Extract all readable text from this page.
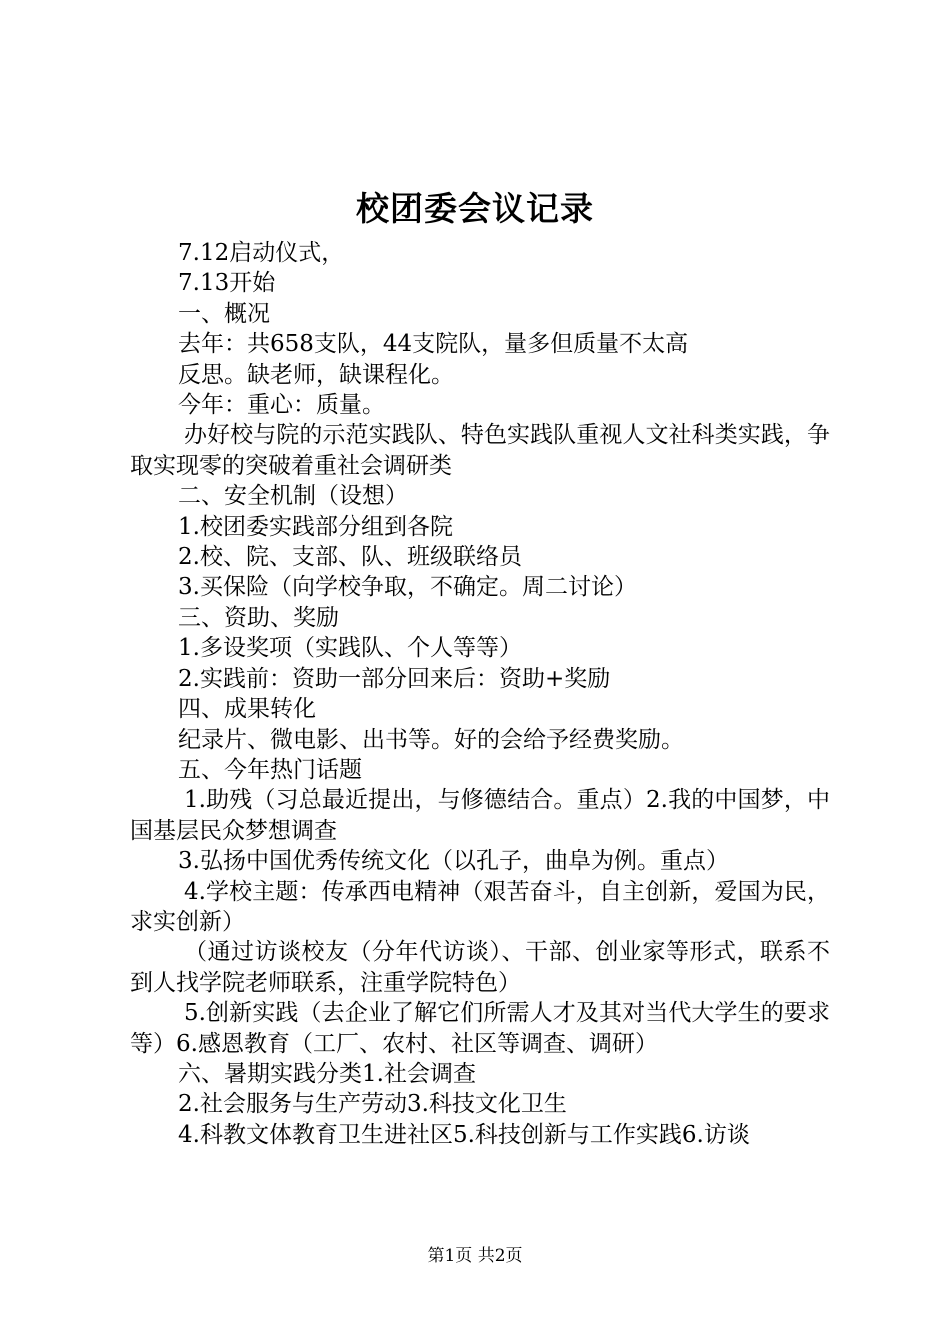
校团委会议记录

7.12启动仪式，

7.13开始

一、概况

去年：共658支队，44支院队，量多但质量不太高

反思。缺老师，缺课程化。

今年：重心：质量。

办好校与院的示范实践队、特色实践队重视人文社科类实践，争取实现零的突破着重社会调研类

二、安全机制（设想）

1.校团委实践部分组到各院

2.校、院、支部、队、班级联络员

3.买保险（向学校争取，不确定。周二讨论）

三、资助、奖励

1.多设奖项（实践队、个人等等）

2.实践前：资助一部分回来后：资助+奖励

四、成果转化

纪录片、微电影、出书等。好的会给予经费奖励。

五、今年热门话题

1.助残（习总最近提出，与修德结合。重点）2.我的中国梦，中国基层民众梦想调查

3.弘扬中国优秀传统文化（以孔子，曲阜为例。重点）

4.学校主题：传承西电精神（艰苦奋斗，自主创新，爱国为民，求实创新）

（通过访谈校友（分年代访谈）、干部、创业家等形式，联系不到人找学院老师联系，注重学院特色）

5.创新实践（去企业了解它们所需人才及其对当代大学生的要求等）6.感恩教育（工厂、农村、社区等调查、调研）

六、暑期实践分类1.社会调查

2.社会服务与生产劳动3.科技文化卫生

4.科教文体教育卫生进社区5.科技创新与工作实践6.访谈

第1页 共2页
